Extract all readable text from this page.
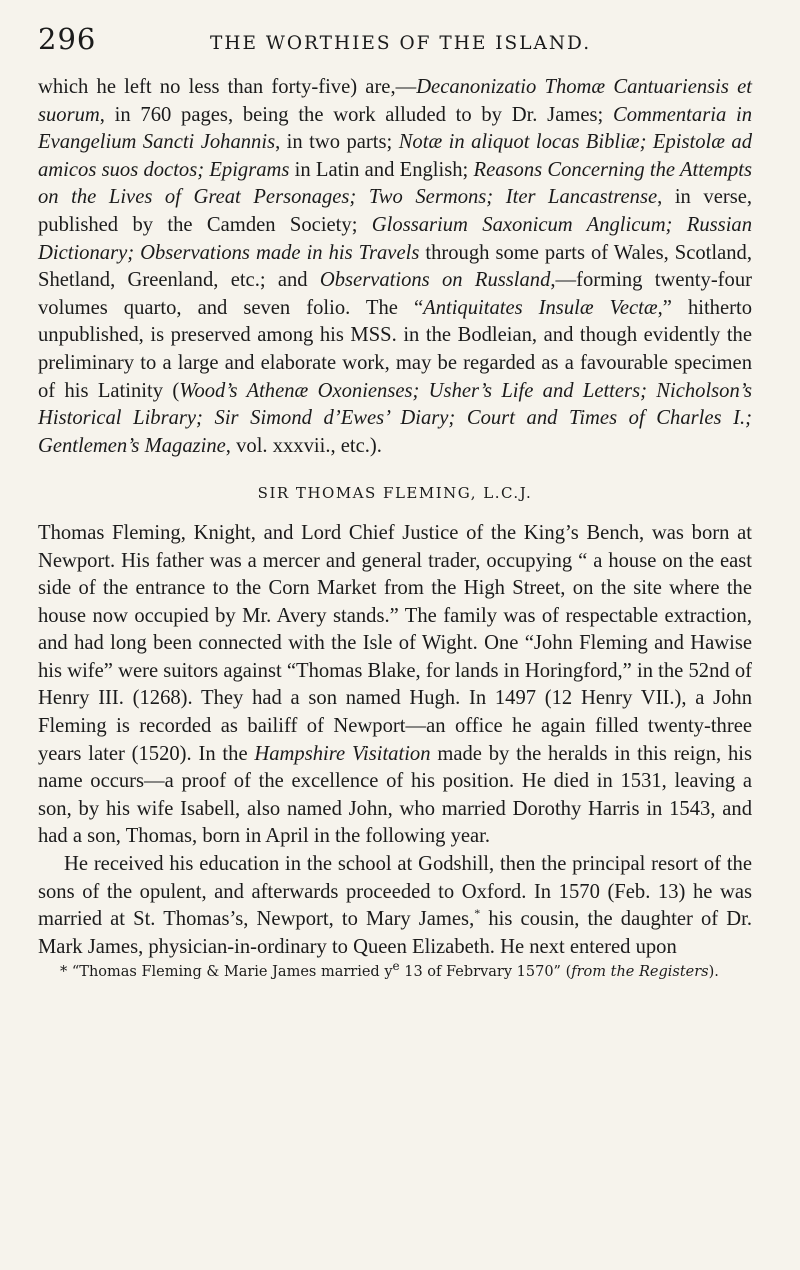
296	THE WORTHIES OF THE ISLAND.

which he left no less than forty-five) are,—Decanonizatio Thomæ Cantuariensis et suorum, in 760 pages, being the work alluded to by Dr. James; Commentaria in Evangelium Sancti Johannis, in two parts; Notæ in aliquot locas Bibliæ; Epistolæ ad amicos suos doctos; Epigrams in Latin and English; Reasons Concerning the Attempts on the Lives of Great Personages; Two Sermons; Iter Lancastrense, in verse, published by the Camden Society; Glossarium Saxonicum Anglicum; Russian Dictionary; Observations made in his Travels through some parts of Wales, Scotland, Shetland, Greenland, etc.; and Observations on Russland,—forming twenty-four volumes quarto, and seven folio. The “Antiquitates Insulæ Vectæ,” hitherto unpublished, is preserved among his MSS. in the Bodleian, and though evidently the preliminary to a large and elaborate work, may be regarded as a favourable specimen of his Latinity (Wood’s Athenæ Oxonienses; Usher’s Life and Letters; Nicholson’s Historical Library; Sir Simond d’Ewes’ Diary; Court and Times of Charles I.; Gentlemen’s Magazine, vol. xxxvii., etc.).

SIR THOMAS FLEMING, L.C.J.

Thomas Fleming, Knight, and Lord Chief Justice of the King’s Bench, was born at Newport. His father was a mercer and general trader, occupying “ a house on the east side of the entrance to the Corn Market from the High Street, on the site where the house now occupied by Mr. Avery stands.” The family was of respectable extraction, and had long been connected with the Isle of Wight. One “John Fleming and Hawise his wife” were suitors against “Thomas Blake, for lands in Horingford,” in the 52nd of Henry III. (1268). They had a son named Hugh. In 1497 (12 Henry VII.), a John Fleming is recorded as bailiff of Newport—an office he again filled twenty-three years later (1520). In the Hampshire Visitation made by the heralds in this reign, his name occurs—a proof of the excellence of his position. He died in 1531, leaving a son, by his wife Isabell, also named John, who married Dorothy Harris in 1543, and had a son, Thomas, born in April in the following year.

He received his education in the school at Godshill, then the principal resort of the sons of the opulent, and afterwards proceeded to Oxford. In 1570 (Feb. 13) he was married at St. Thomas’s, Newport, to Mary James,* his cousin, the daughter of Dr. Mark James, physician-in-ordinary to Queen Elizabeth. He next entered upon

* “Thomas Fleming & Marie James married $y^e$ 13 of Febrvary 1570” (from the Registers).
